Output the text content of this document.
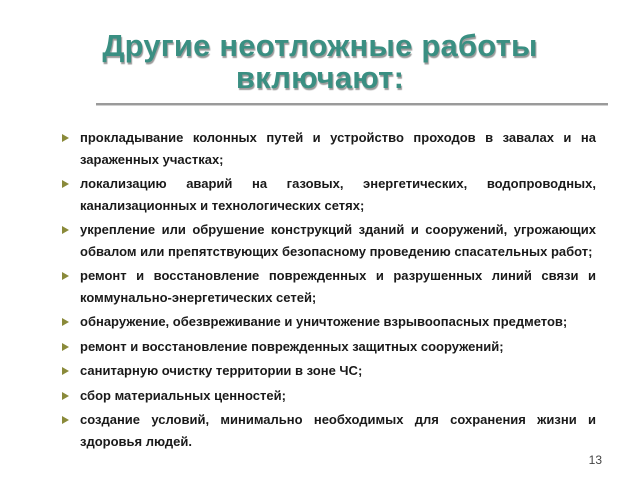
Другие неотложные работы
включают:
прокладывание колонных путей и устройство проходов в завалах и на зараженных участках;
локализацию аварий на газовых, энергетических, водопроводных, канализационных и технологических сетях;
укрепление или обрушение конструкций зданий и сооружений, угрожающих обвалом или препятствующих безопасному проведению спасательных работ;
ремонт и восстановление поврежденных и разрушенных линий связи и коммунально-энергетических сетей;
обнаружение, обезвреживание и уничтожение взрывоопасных предметов;
ремонт и восстановление поврежденных защитных сооружений;
санитарную очистку территории в зоне ЧС;
сбор материальных ценностей;
создание условий, минимально необходимых для сохранения жизни и здоровья людей.
13
